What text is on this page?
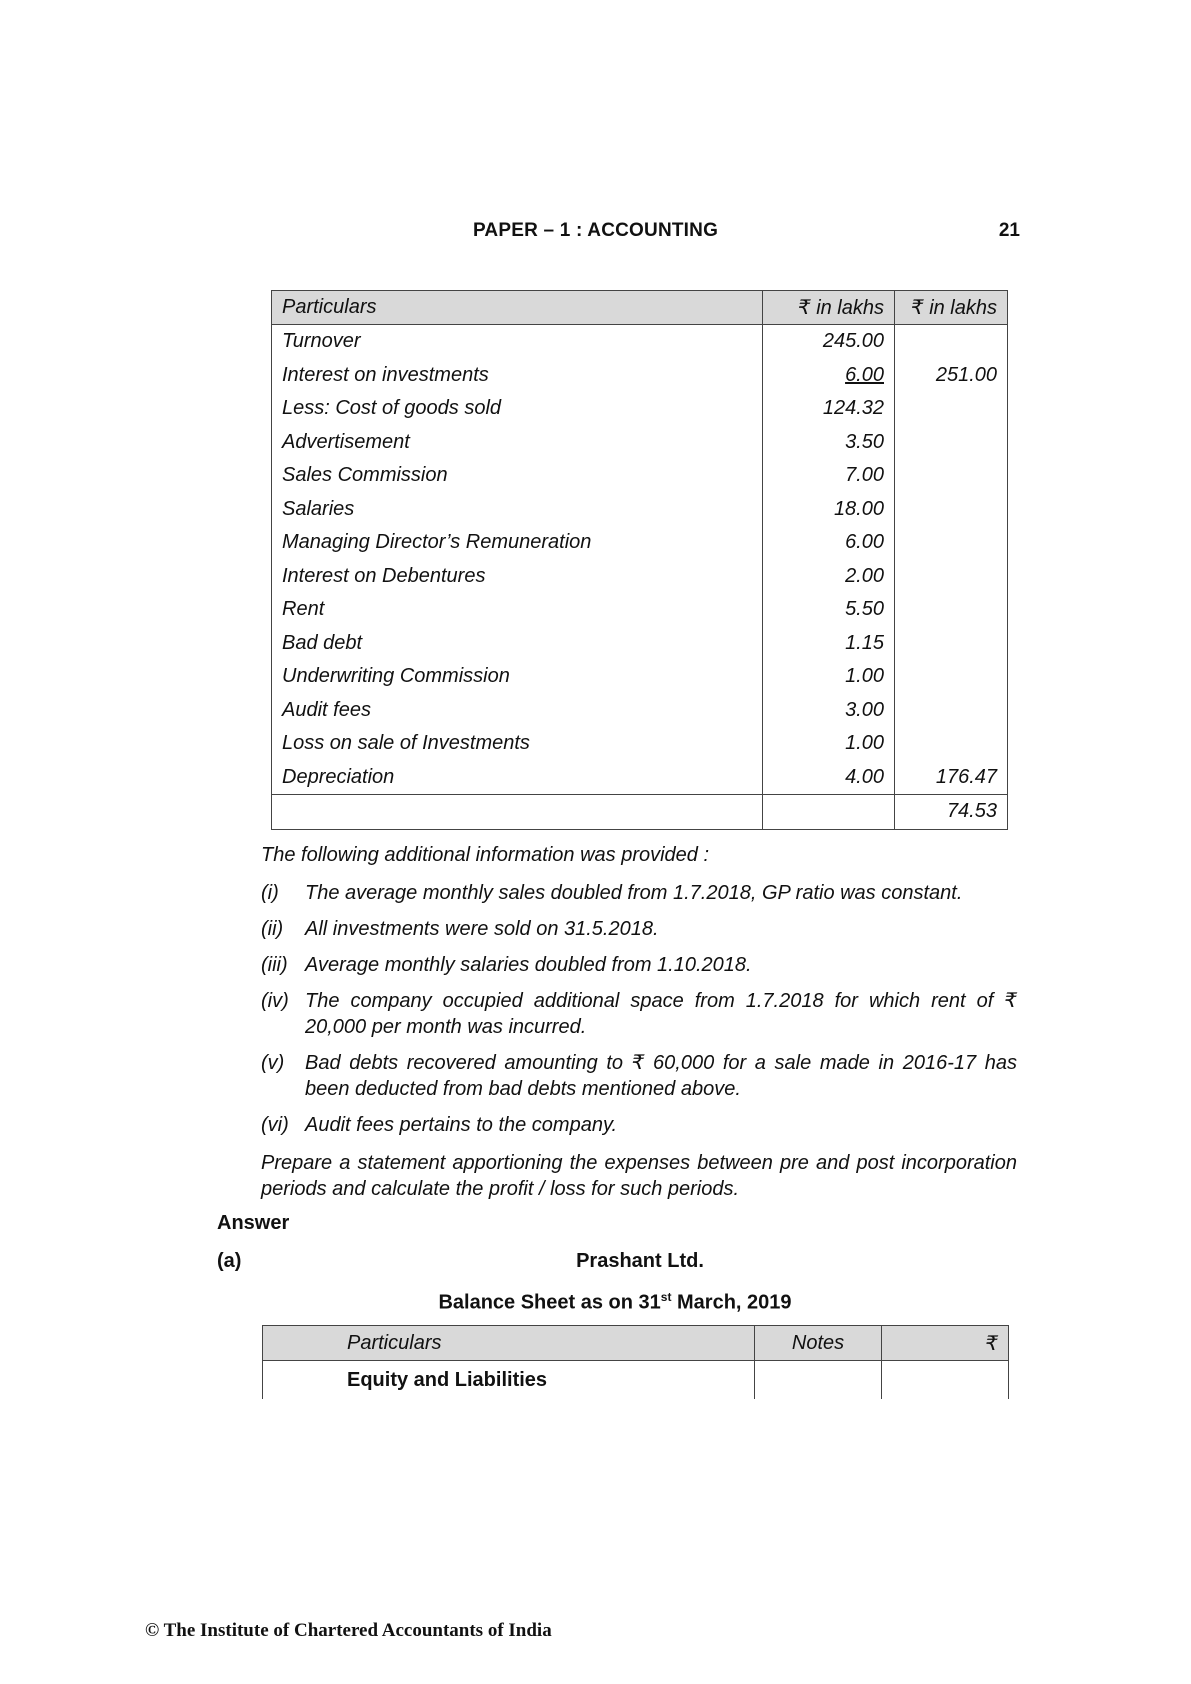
PAPER – 1 : ACCOUNTING	21
Particulars	₹ in lakhs	₹ in lakhs
Turnover	245.00	
Interest on investments	6.00	251.00
Less: Cost of goods sold	124.32	
Advertisement	3.50	
Sales Commission	7.00	
Salaries	18.00	
Managing Director’s Remuneration	6.00	
Interest on Debentures	2.00	
Rent	5.50	
Bad debt	1.15	
Underwriting Commission	1.00	
Audit fees	3.00	
Loss on sale of Investments	1.00	
Depreciation	4.00	176.47
		74.53
The following additional information was provided :
(i)	The average monthly sales doubled from 1.7.2018, GP ratio was constant.
(ii)	All investments were sold on 31.5.2018.
(iii) Average monthly salaries doubled from 1.10.2018.
(iv) The company occupied additional space from 1.7.2018 for which rent of ₹ 20,000 per month was incurred.
(v)	Bad debts recovered amounting to ₹ 60,000 for a sale made in 2016-17 has been deducted from bad debts mentioned above.
(vi) Audit fees pertains to the company.
Prepare a statement apportioning the expenses between pre and post incorporation periods and calculate the profit / loss for such periods.
Answer
(a)	Prashant Ltd.
Balance Sheet as on 31st March, 2019
Particulars	Notes	₹
Equity and Liabilities		
© The Institute of Chartered Accountants of India
